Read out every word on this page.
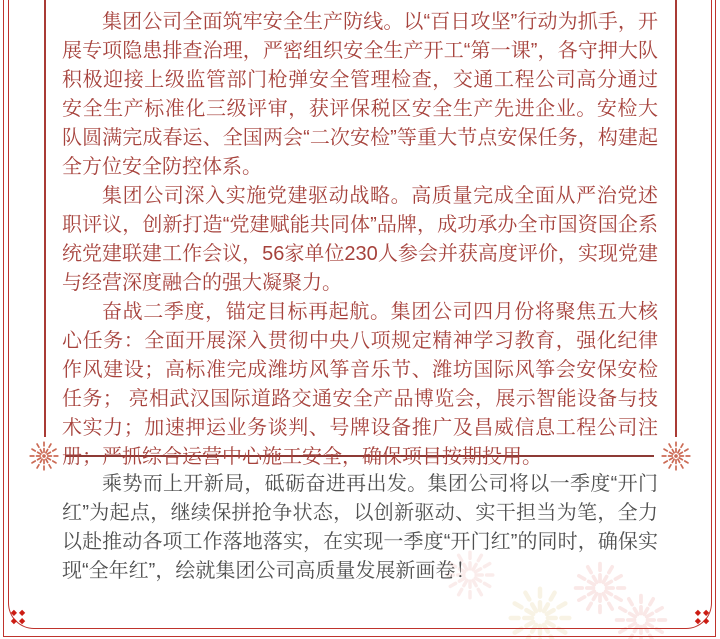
集团公司全面筑牢安全生产防线。以“百日攻坚”行动为抓手，开展专项隐患排查治理，严密组织安全生产开工“第一课”，各守押大队积极迎接上级监管部门枪弹安全管理检查，交通工程公司高分通过安全生产标准化三级评审，获评保税区安全生产先进企业。安检大队圆满完成春运、全国两会“二次安检”等重大节点安保任务，构建起全方位安全防控体系。

集团公司深入实施党建驱动战略。高质量完成全面从严治党述职评议，创新打造“党建赋能共同体”品牌，成功承办全市国资国企系统党建联建工作会议，56家单位230人参会并获高度评价，实现党建与经营深度融合的强大凝聚力。

奋战二季度，锚定目标再起航。集团公司四月份将聚焦五大核心任务：全面开展深入贯彻中央八项规定精神学习教育，强化纪律作风建设；高标准完成潍坊风筝音乐节、潍坊国际风筝会安保安检任务； 亮相武汉国际道路交通安全产品博览会，展示智能设备与技术实力；加速押运业务谈判、号牌设备推广及昌威信息工程公司注册；严抓综合运营中心施工安全，确保项目按期投用。

乘势而上开新局，砥砺奋进再出发。集团公司将以一季度“开门红”为起点，继续保拼抢争状态，以创新驱动、实干担当为笔，全力以赴推动各项工作落地落实，在实现一季度“开门红”的同时，确保实现“全年红”，绘就集团公司高质量发展新画卷！
